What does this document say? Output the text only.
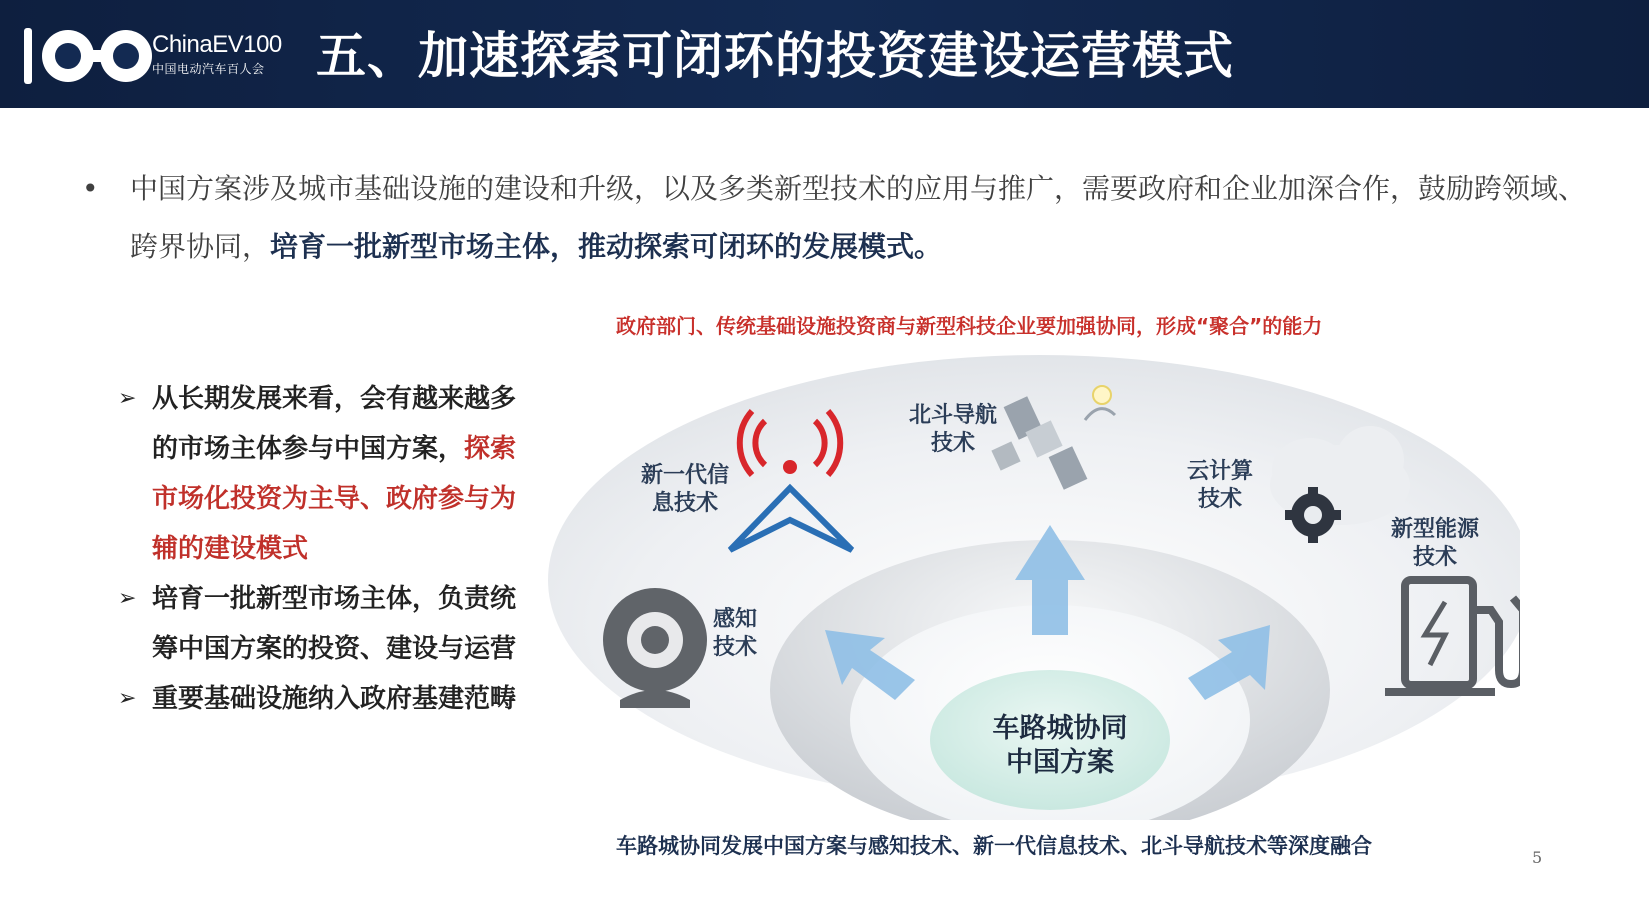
ChinaEV100
中国电动汽车百人会	五、加速探索可闭环的投资建设运营模式
•	中国方案涉及城市基础设施的建设和升级，以及多类新型技术的应用与推广，需要政府和企业加深合作，鼓励跨领域、跨界协同，培育一批新型市场主体，推动探索可闭环的发展模式。
➢ 从长期发展来看，会有越来越多的市场主体参与中国方案，探索市场化投资为主导、政府参与为辅的建设模式
➢ 培育一批新型市场主体，负责统筹中国方案的投资、建设与运营
➢ 重要基础设施纳入政府基建范畴
政府部门、传统基础设施投资商与新型科技企业要加强协同，形成“聚合”的能力
新一代信
息技术
北斗导航
技术
云计算
技术
新型能源
技术
感知
技术
车路城协同
中国方案
车路城协同发展中国方案与感知技术、新一代信息技术、北斗导航技术等深度融合	5
